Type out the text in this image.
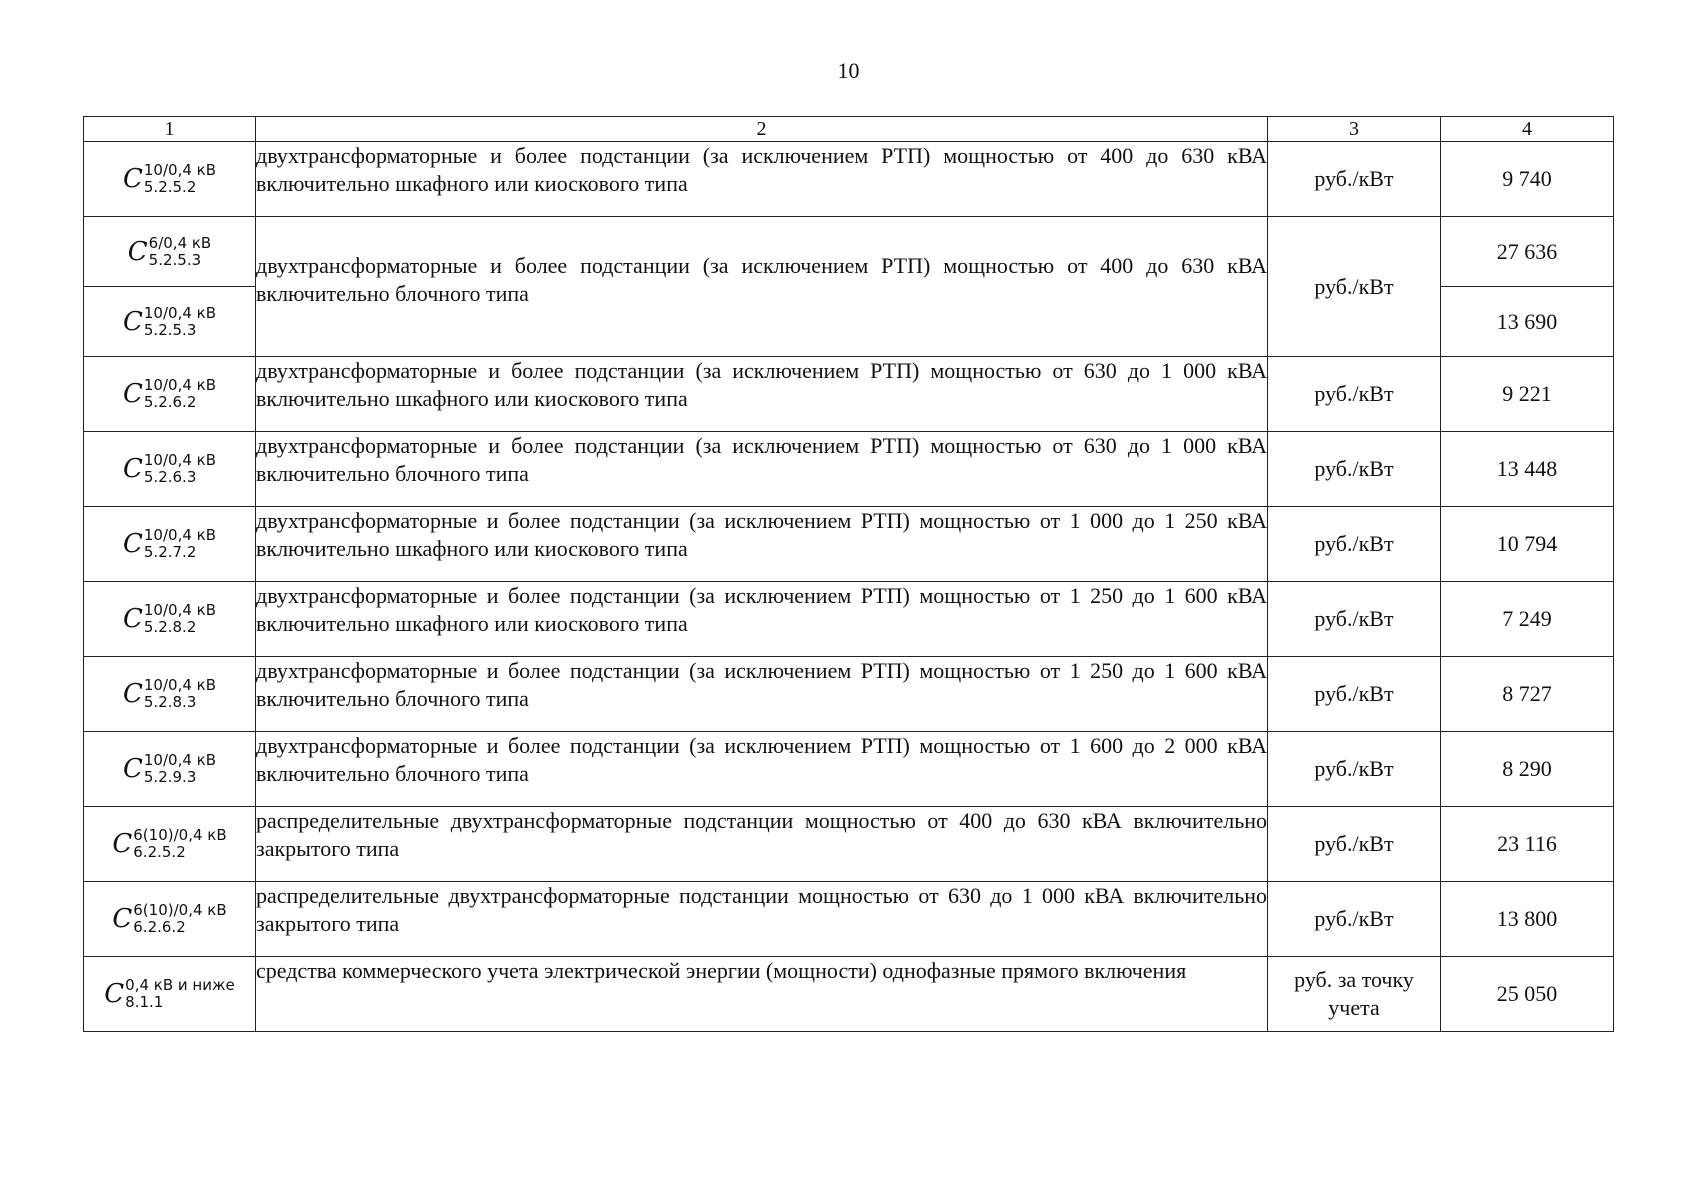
10
1	2	3	4

C 10/0,4 кВ
5.2.5.2	двухтрансформаторные и более подстанции (за исключением РТП) мощностью от 400 до 630 кВА включительно шкафного или киоскового типа	руб./кВт	9 740

C 6/0,4 кВ
5.2.5.3	двухтрансформаторные и более подстанции (за исключением РТП) мощностью от 400 до 630 кВА включительно блочного типа	руб./кВт	27 636

C 10/0,4 кВ
5.2.5.3			13 690

C 10/0,4 кВ
5.2.6.2	двухтрансформаторные и более подстанции (за исключением РТП) мощностью от 630 до 1 000 кВА включительно шкафного или киоскового типа	руб./кВт	9 221

C 10/0,4 кВ
5.2.6.3	двухтрансформаторные и более подстанции (за исключением РТП) мощностью от 630 до 1 000 кВА включительно блочного типа	руб./кВт	13 448

C 10/0,4 кВ
5.2.7.2	двухтрансформаторные и более подстанции (за исключением РТП) мощностью от 1 000 до 1 250 кВА включительно шкафного или киоскового типа	руб./кВт	10 794

C 10/0,4 кВ
5.2.8.2	двухтрансформаторные и более подстанции (за исключением РТП) мощностью от 1 250 до 1 600 кВА включительно шкафного или киоскового типа	руб./кВт	7 249

C 10/0,4 кВ
5.2.8.3	двухтрансформаторные и более подстанции (за исключением РТП) мощностью от 1 250 до 1 600 кВА включительно блочного типа	руб./кВт	8 727

C 10/0,4 кВ
5.2.9.3	двухтрансформаторные и более подстанции (за исключением РТП) мощностью от 1 600 до 2 000 кВА включительно блочного типа	руб./кВт	8 290

C 6(10)/0,4 кВ
6.2.5.2	распределительные двухтрансформаторные подстанции мощностью от 400 до 630 кВА включительно закрытого типа	руб./кВт	23 116

C 6(10)/0,4 кВ
6.2.6.2	распределительные двухтрансформаторные подстанции мощностью от 630 до 1 000 кВА включительно закрытого типа	руб./кВт	13 800

C 0,4 кВ и ниже
8.1.1	средства коммерческого учета электрической энергии (мощности) однофазные прямого включения	руб. за точку учета	25 050
